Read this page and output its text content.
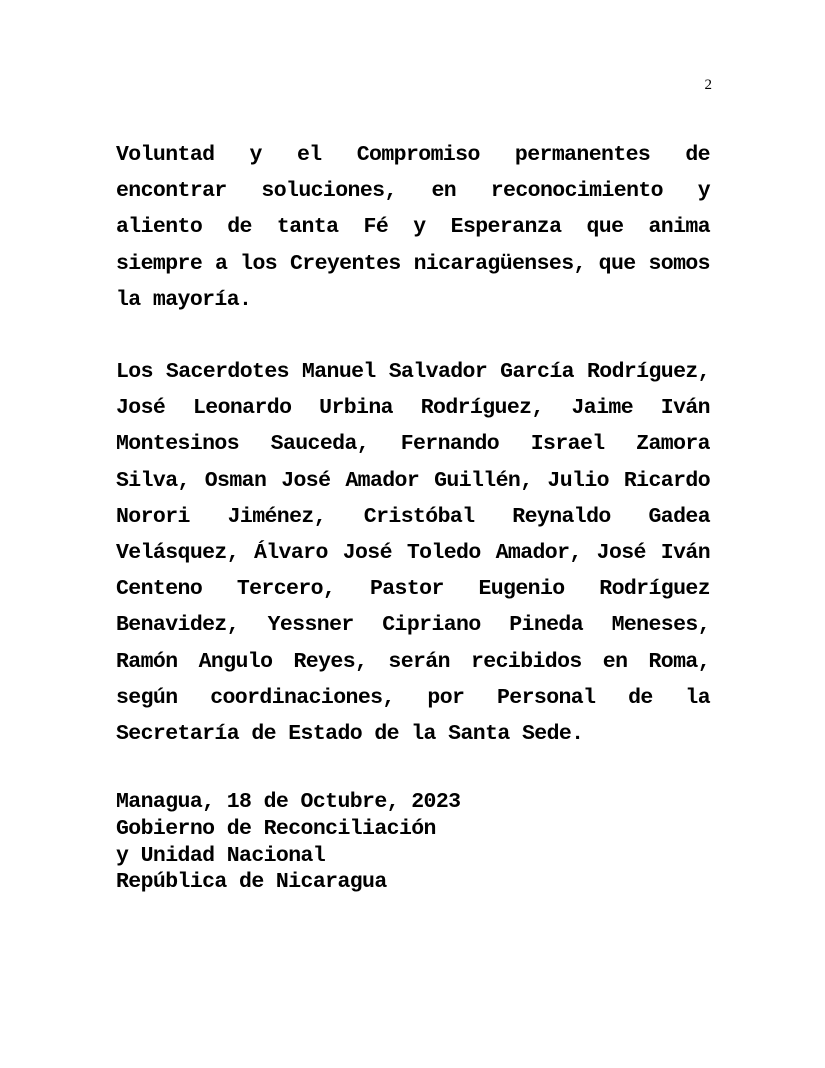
2

Voluntad y el Compromiso permanentes de encontrar soluciones, en reconocimiento y aliento de tanta Fé y Esperanza que anima siempre a los Creyentes nicaragüenses, que somos la mayoría.

Los Sacerdotes Manuel Salvador García Rodríguez, José Leonardo Urbina Rodríguez, Jaime Iván Montesinos Sauceda, Fernando Israel Zamora Silva, Osman José Amador Guillén, Julio Ricardo Norori Jiménez, Cristóbal Reynaldo Gadea Velásquez, Álvaro José Toledo Amador, José Iván Centeno Tercero, Pastor Eugenio Rodríguez Benavidez, Yessner Cipriano Pineda Meneses, Ramón Angulo Reyes, serán recibidos en Roma, según coordinaciones, por Personal de la Secretaría de Estado de la Santa Sede.

Managua, 18 de Octubre, 2023
Gobierno de Reconciliación
y Unidad Nacional
República de Nicaragua
